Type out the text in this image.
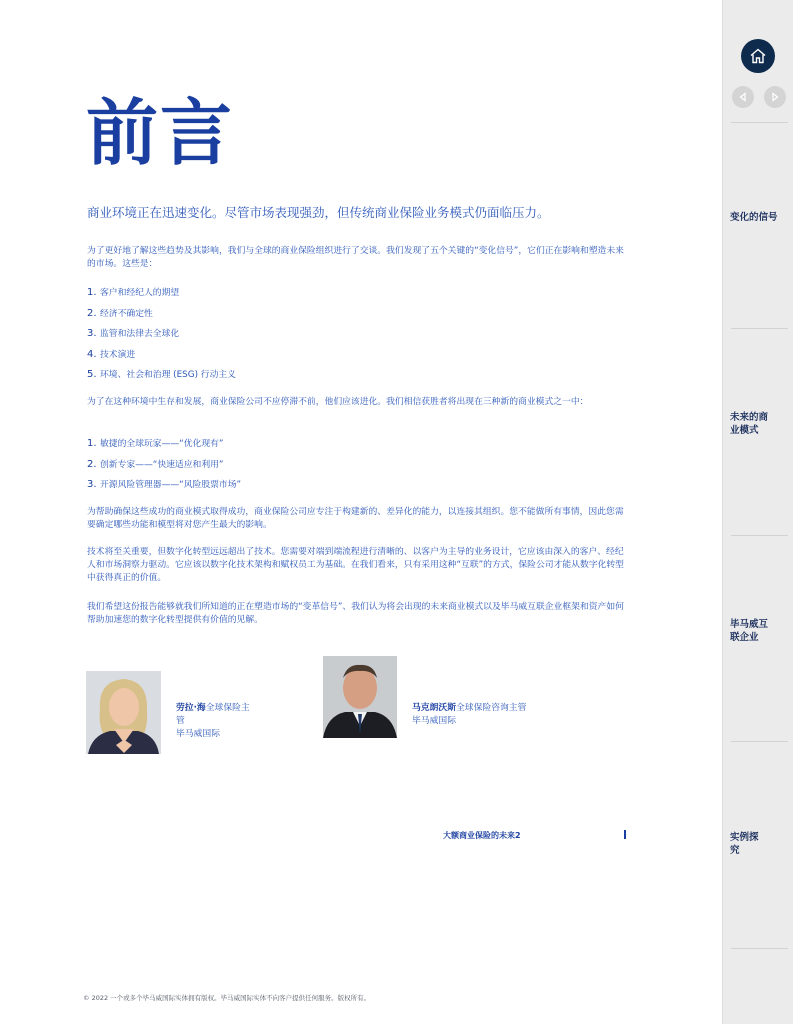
前言
商业环境正在迅速变化。尽管市场表现强劲，但传统商业保险业务模式仍面临压力。
为了更好地了解这些趋势及其影响，我们与全球的商业保险组织进行了交谈。我们发现了五个关键的“变化信号”，它们正在影响和塑造未来的市场。这些是：
1. 客户和经纪人的期望
2. 经济不确定性
3. 监管和法律去全球化
4. 技术演进
5. 环境、社会和治理 (ESG) 行动主义
为了在这种环境中生存和发展，商业保险公司不应停滞不前，他们应该进化。我们相信获胜者将出现在三种新的商业模式之一中：
1. 敏捷的全球玩家——“优化现有”
2. 创新专家——“快速适应和利用”
3. 开源风险管理器——“风险股票市场”
为帮助确保这些成功的商业模式取得成功，商业保险公司应专注于构建新的、差异化的能力，以连接其组织。您不能做所有事情，因此您需要确定哪些功能和模型将对您产生最大的影响。
技术将至关重要，但数字化转型远远超出了技术。您需要对端到端流程进行清晰的、以客户为主导的业务设计，它应该由深入的客户、经纪人和市场洞察力驱动。它应该以数字化技术架构和赋权员工为基础。在我们看来，只有采用这种“互联”的方式，保险公司才能从数字化转型中获得真正的价值。
我们希望这份报告能够就我们所知道的正在塑造市场的“变革信号”、我们认为将会出现的未来商业模式以及毕马威互联企业框架和资产如何帮助加速您的数字化转型提供有价值的见解。
劳拉·海全球保险主管
毕马威国际
马克朗沃斯全球保险咨询主管
毕马威国际
大额商业保险的未来2
© 2022 一个或多个毕马威国际实体拥有版权。毕马威国际实体不向客户提供任何服务。版权所有。
变化的信号
未来的商业模式
毕马威互联企业
实例探究
